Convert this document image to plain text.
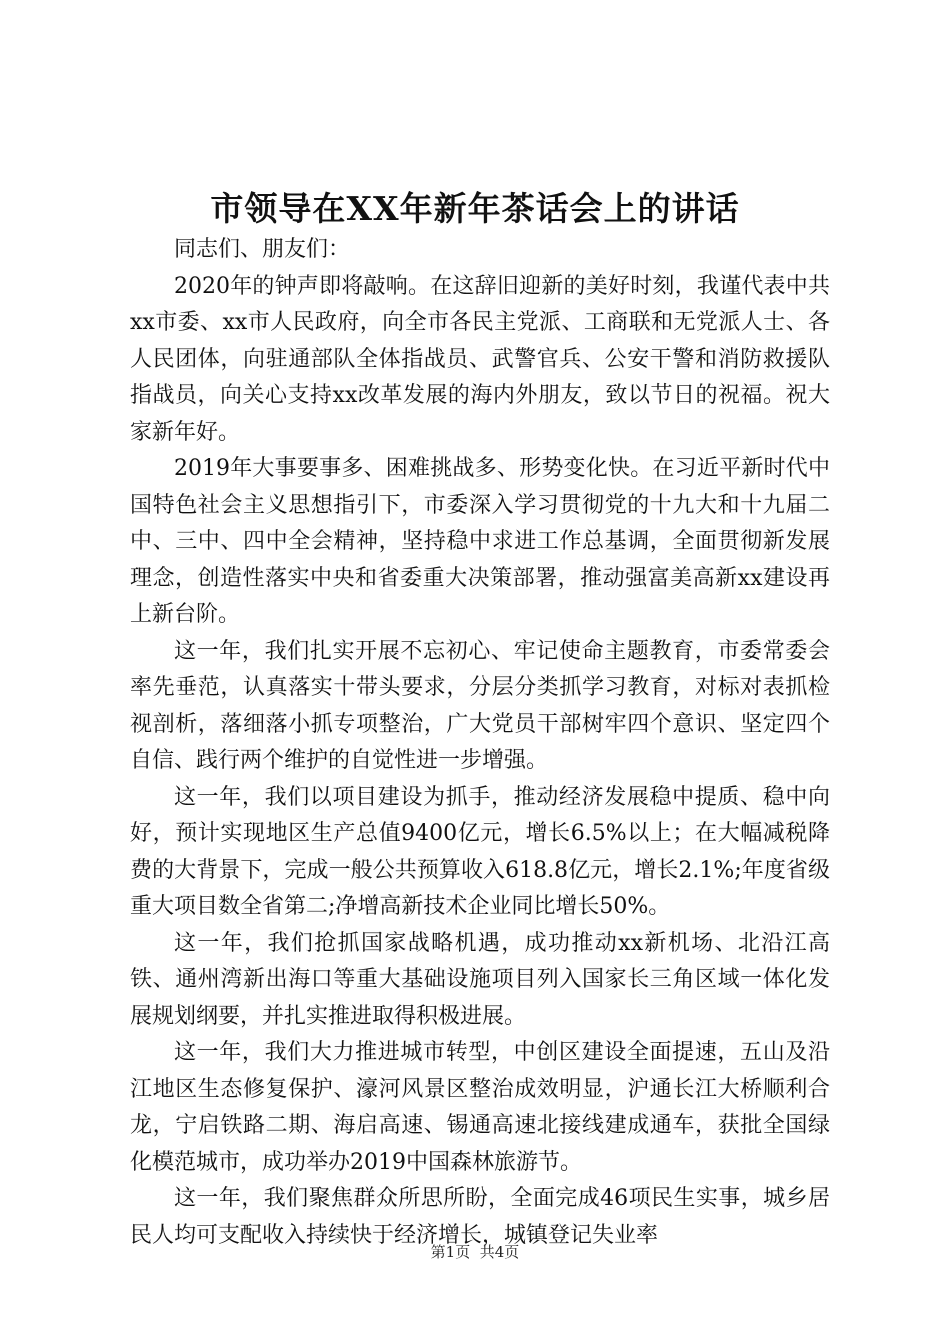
市领导在XX年新年茶话会上的讲话

同志们、朋友们：

2020年的钟声即将敲响。在这辞旧迎新的美好时刻，我谨代表中共xx市委、xx市人民政府，向全市各民主党派、工商联和无党派人士、各人民团体，向驻通部队全体指战员、武警官兵、公安干警和消防救援队指战员，向关心支持xx改革发展的海内外朋友，致以节日的祝福。祝大家新年好。

2019年大事要事多、困难挑战多、形势变化快。在习近平新时代中国特色社会主义思想指引下，市委深入学习贯彻党的十九大和十九届二中、三中、四中全会精神，坚持稳中求进工作总基调，全面贯彻新发展理念，创造性落实中央和省委重大决策部署，推动强富美高新xx建设再上新台阶。

这一年，我们扎实开展不忘初心、牢记使命主题教育，市委常委会率先垂范，认真落实十带头要求，分层分类抓学习教育，对标对表抓检视剖析，落细落小抓专项整治，广大党员干部树牢四个意识、坚定四个自信、践行两个维护的自觉性进一步增强。

这一年，我们以项目建设为抓手，推动经济发展稳中提质、稳中向好，预计实现地区生产总值9400亿元，增长6.5%以上；在大幅减税降费的大背景下，完成一般公共预算收入618.8亿元，增长2.1%;年度省级重大项目数全省第二;净增高新技术企业同比增长50%。

这一年，我们抢抓国家战略机遇，成功推动xx新机场、北沿江高铁、通州湾新出海口等重大基础设施项目列入国家长三角区域一体化发展规划纲要，并扎实推进取得积极进展。

这一年，我们大力推进城市转型，中创区建设全面提速，五山及沿江地区生态修复保护、濠河风景区整治成效明显，沪通长江大桥顺利合龙，宁启铁路二期、海启高速、锡通高速北接线建成通车，获批全国绿化模范城市，成功举办2019中国森林旅游节。

这一年，我们聚焦群众所思所盼，全面完成46项民生实事，城乡居民人均可支配收入持续快于经济增长，城镇登记失业率

第1页 共4页
